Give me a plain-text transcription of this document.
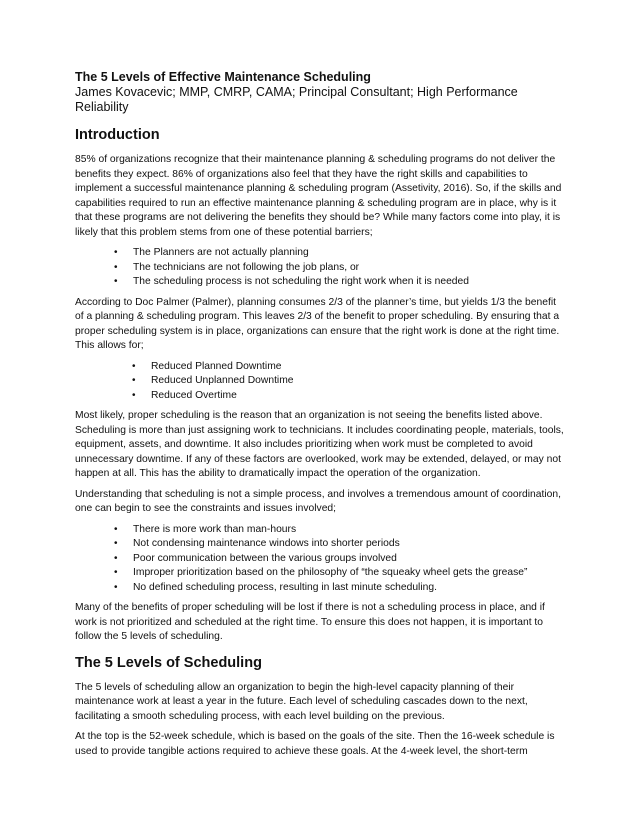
The 5 Levels of Effective Maintenance Scheduling

James Kovacevic; MMP, CMRP, CAMA; Principal Consultant; High Performance Reliability

Introduction

85% of organizations recognize that their maintenance planning & scheduling programs do not deliver the benefits they expect. 86% of organizations also feel that they have the right skills and capabilities to implement a successful maintenance planning & scheduling program (Assetivity, 2016). So, if the skills and capabilities required to run an effective maintenance planning & scheduling program are in place, why is it that these programs are not delivering the benefits they should be? While many factors come into play, it is likely that this problem stems from one of these potential barriers;

• The Planners are not actually planning
• The technicians are not following the job plans, or
• The scheduling process is not scheduling the right work when it is needed

According to Doc Palmer (Palmer), planning consumes 2/3 of the planner’s time, but yields 1/3 the benefit of a planning & scheduling program. This leaves 2/3 of the benefit to proper scheduling. By ensuring that a proper scheduling system is in place, organizations can ensure that the right work is done at the right time. This allows for;

• Reduced Planned Downtime
• Reduced Unplanned Downtime
• Reduced Overtime

Most likely, proper scheduling is the reason that an organization is not seeing the benefits listed above. Scheduling is more than just assigning work to technicians. It includes coordinating people, materials, tools, equipment, assets, and downtime. It also includes prioritizing when work must be completed to avoid unnecessary downtime. If any of these factors are overlooked, work may be extended, delayed, or may not happen at all. This has the ability to dramatically impact the operation of the organization.

Understanding that scheduling is not a simple process, and involves a tremendous amount of coordination, one can begin to see the constraints and issues involved;

• There is more work than man-hours
• Not condensing maintenance windows into shorter periods
• Poor communication between the various groups involved
• Improper prioritization based on the philosophy of “the squeaky wheel gets the grease”
• No defined scheduling process, resulting in last minute scheduling.

Many of the benefits of proper scheduling will be lost if there is not a scheduling process in place, and if work is not prioritized and scheduled at the right time. To ensure this does not happen, it is important to follow the 5 levels of scheduling.

The 5 Levels of Scheduling

The 5 levels of scheduling allow an organization to begin the high-level capacity planning of their maintenance work at least a year in the future. Each level of scheduling cascades down to the next, facilitating a smooth scheduling process, with each level building on the previous.

At the top is the 52-week schedule, which is based on the goals of the site. Then the 16-week schedule is used to provide tangible actions required to achieve these goals. At the 4-week level, the short-term
